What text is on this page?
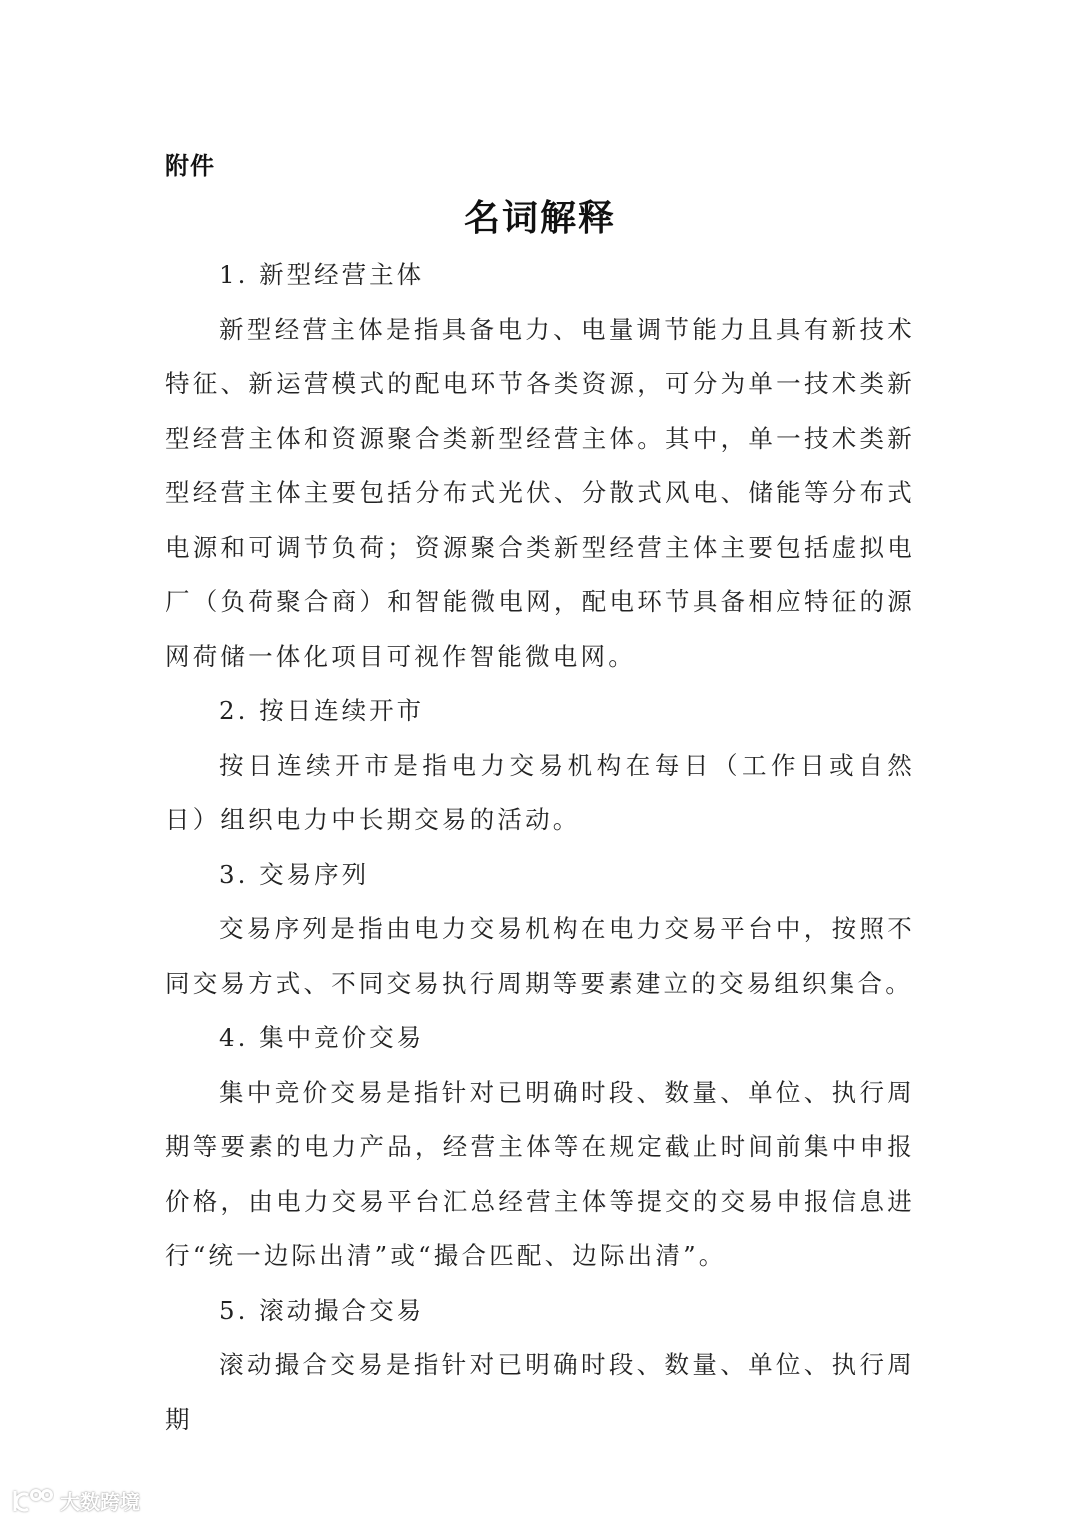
附件
名词解释

1. 新型经营主体

新型经营主体是指具备电力、电量调节能力且具有新技术特征、新运营模式的配电环节各类资源，可分为单一技术类新型经营主体和资源聚合类新型经营主体。其中，单一技术类新型经营主体主要包括分布式光伏、分散式风电、储能等分布式电源和可调节负荷；资源聚合类新型经营主体主要包括虚拟电厂（负荷聚合商）和智能微电网，配电环节具备相应特征的源网荷储一体化项目可视作智能微电网。

2. 按日连续开市

按日连续开市是指电力交易机构在每日（工作日或自然日）组织电力中长期交易的活动。

3. 交易序列

交易序列是指由电力交易机构在电力交易平台中，按照不同交易方式、不同交易执行周期等要素建立的交易组织集合。

4. 集中竞价交易

集中竞价交易是指针对已明确时段、数量、单位、执行周期等要素的电力产品，经营主体等在规定截止时间前集中申报价格，由电力交易平台汇总经营主体等提交的交易申报信息进行“统一边际出清”或“撮合匹配、边际出清”。

5. 滚动撮合交易

滚动撮合交易是指针对已明确时段、数量、单位、执行周期

大数跨境
